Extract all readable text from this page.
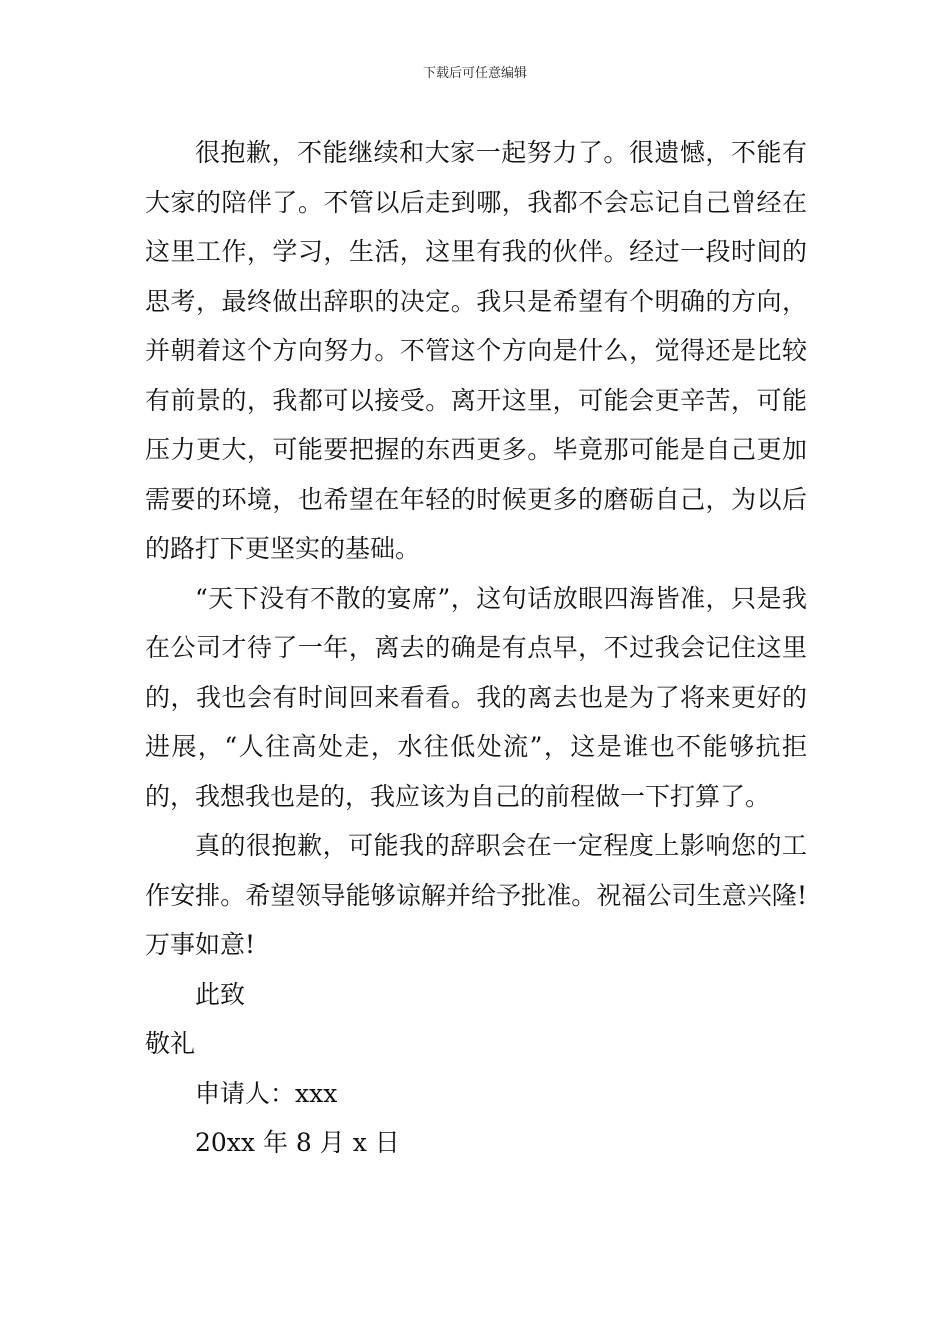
下载后可任意编辑

很抱歉，不能继续和大家一起努力了。很遗憾，不能有大家的陪伴了。不管以后走到哪，我都不会忘记自己曾经在这里工作，学习，生活，这里有我的伙伴。经过一段时间的思考，最终做出辞职的决定。我只是希望有个明确的方向，并朝着这个方向努力。不管这个方向是什么，觉得还是比较有前景的，我都可以接受。离开这里，可能会更辛苦，可能压力更大，可能要把握的东西更多。毕竟那可能是自己更加需要的环境，也希望在年轻的时候更多的磨砺自己，为以后的路打下更坚实的基础。

“天下没有不散的宴席”，这句话放眼四海皆准，只是我在公司才待了一年，离去的确是有点早，不过我会记住这里的，我也会有时间回来看看。我的离去也是为了将来更好的进展，“人往高处走，水往低处流”，这是谁也不能够抗拒的，我想我也是的，我应该为自己的前程做一下打算了。

真的很抱歉，可能我的辞职会在一定程度上影响您的工作安排。希望领导能够谅解并给予批准。祝福公司生意兴隆!万事如意!

此致

敬礼

申请人：xxx

20xx 年 8 月 x 日
